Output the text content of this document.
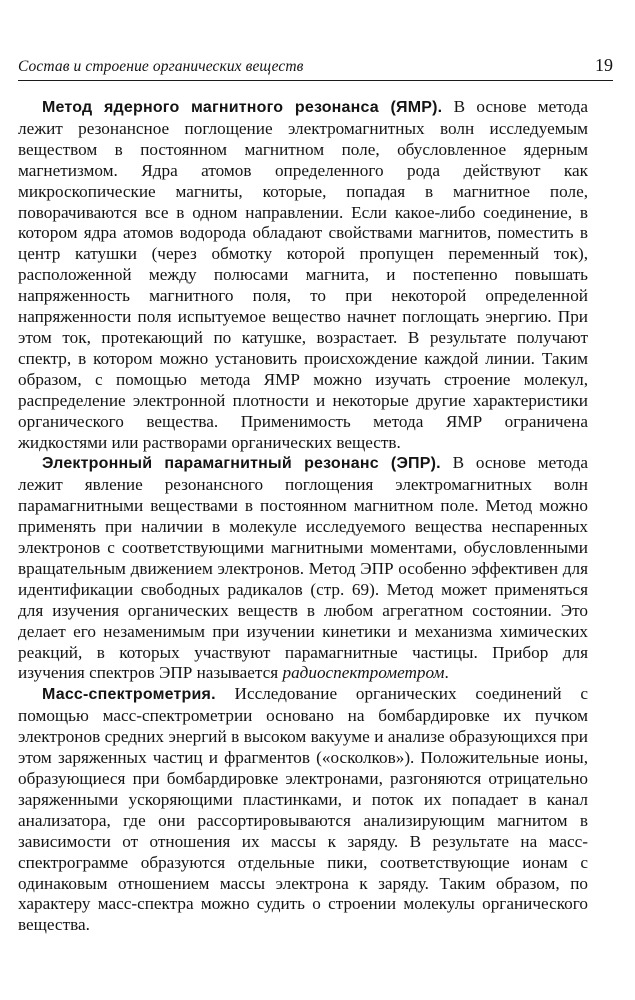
Состав и строение органических веществ	19

Метод ядерного магнитного резонанса (ЯМР). В основе метода лежит резонансное поглощение электромагнитных волн исследуемым веществом в постоянном магнитном поле, обусловленное ядерным магнетизмом. Ядра атомов определенного рода действуют как микроскопические магниты, которые, попадая в магнитное поле, поворачиваются все в одном направлении. Если какое-либо соединение, в котором ядра атомов водорода обладают свойствами магнитов, поместить в центр катушки (через обмотку которой пропущен переменный ток), расположенной между полюсами магнита, и постепенно повышать напряженность магнитного поля, то при некоторой определенной напряженности поля испытуемое вещество начнет поглощать энергию. При этом ток, протекающий по катушке, возрастает. В результате получают спектр, в котором можно установить происхождение каждой линии. Таким образом, с помощью метода ЯМР можно изучать строение молекул, распределение электронной плотности и некоторые другие характеристики органического вещества. Применимость метода ЯМР ограничена жидкостями или растворами органических веществ.

Электронный парамагнитный резонанс (ЭПР). В основе метода лежит явление резонансного поглощения электромагнитных волн парамагнитными веществами в постоянном магнитном поле. Метод можно применять при наличии в молекуле исследуемого вещества неспаренных электронов с соответствующими магнитными моментами, обусловленными вращательным движением электронов. Метод ЭПР особенно эффективен для идентификации свободных радикалов (стр. 69). Метод может применяться для изучения органических веществ в любом агрегатном состоянии. Это делает его незаменимым при изучении кинетики и механизма химических реакций, в которых участвуют парамагнитные частицы. Прибор для изучения спектров ЭПР называется радиоспектрометром.

Масс-спектрометрия. Исследование органических соединений с помощью масс-спектрометрии основано на бомбардировке их пучком электронов средних энергий в высоком вакууме и анализе образующихся при этом заряженных частиц и фрагментов («осколков»). Положительные ионы, образующиеся при бомбардировке электронами, разгоняются отрицательно заряженными ускоряющими пластинками, и поток их попадает в канал анализатора, где они рассортировываются анализирующим магнитом в зависимости от отношения их массы к заряду. В результате на масс-спектрограмме образуются отдельные пики, соответствующие ионам с одинаковым отношением массы электрона к заряду. Таким образом, по характеру масс-спектра можно судить о строении молекулы органического вещества.
